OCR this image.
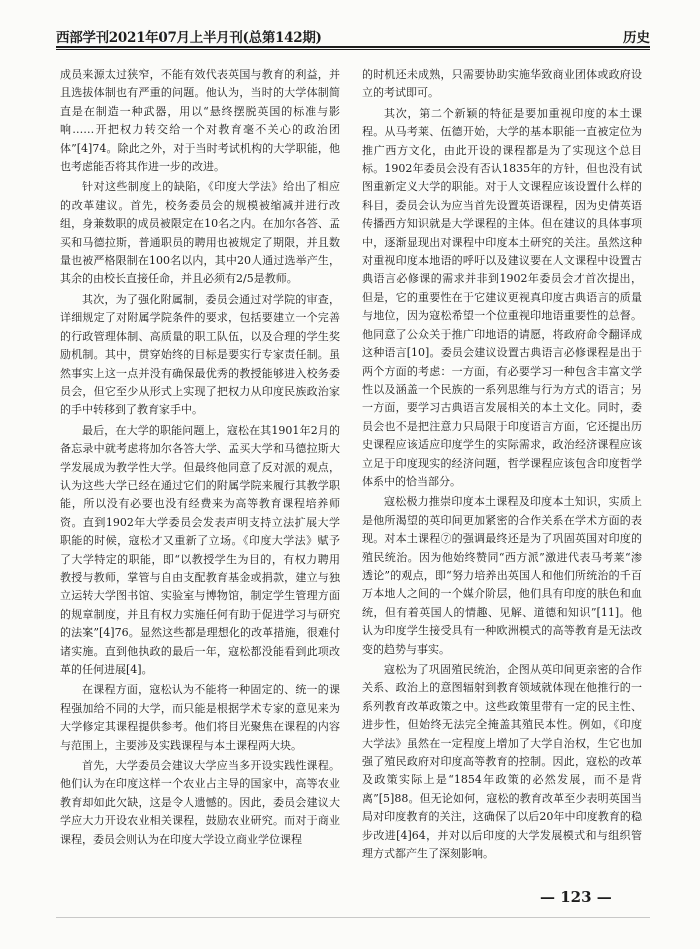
西部学刊2021年07月上半月刊(总第142期)	历史

成员来源太过狭窄，不能有效代表英国与教育的利益，并且选拔体制也有严重的问题。他认为，当时的大学体制简直是在制造一种武器，用以“悬终摆脱英国的标准与影响……开把权力转交给一个对教育毫不关心的政治团体”[4]74。除此之外，对于当时考试机构的大学职能，他也考虑能否将其作进一步的改进。

针对这些制度上的缺陷，《印度大学法》给出了相应的改革建议。首先，校务委员会的规模被缩减并进行改组，身兼数职的成员被限定在10名之内。在加尔各答、孟买和马德拉斯，普通职员的聘用也被规定了期限，并且数量也被严格限制在100名以内，其中20人通过选举产生，其余的由校长直接任命，并且必须有2/5是教师。

其次，为了强化附属制，委员会通过对学院的审查，详细规定了对附属学院条件的要求，包括要建立一个完善的行政管理体制、高质量的职工队伍，以及合理的学生奖励机制。其中，贯穿始终的目标是要实行专家责任制。虽然事实上这一点并没有确保最优秀的教授能够进入校务委员会，但它至少从形式上实现了把权力从印度民族政治家的手中转移到了教育家手中。

最后，在大学的职能问题上，寇松在其1901年2月的备忘录中就考虑将加尔各答大学、孟买大学和马德拉斯大学发展成为教学性大学。但最终他同意了反对派的观点，认为这些大学已经在通过它们的附属学院来履行其教学职能，所以没有必要也没有经费来为高等教育课程培养师资。直到1902年大学委员会发表声明支持立法扩展大学职能的时候，寇松才又重新了立场。《印度大学法》赋予了大学特定的职能，即“以教授学生为目的，有权力聘用教授与教师，掌管与自由支配教育基金或捐款，建立与独立运转大学图书馆、实验室与博物馆，制定学生管理方面的规章制度，并且有权力实施任何有助于促进学习与研究的法案”[4]76。显然这些都是理想化的改革措施，很难付诸实施。直到他执政的最后一年，寇松都没能看到此项改革的任何进展[4]。

在课程方面，寇松认为不能将一种固定的、统一的课程强加给不同的大学，而只能是根据学术专家的意见来为大学修定其课程提供参考。他们将目光聚焦在课程的内容与范围上，主要涉及实践课程与本土课程两大块。

首先，大学委员会建议大学应当多开设实践性课程。他们认为在印度这样一个农业占主导的国家中，高等农业教育却如此欠缺，这是令人遗憾的。因此，委员会建议大学应大力开设农业相关课程，鼓励农业研究。而对于商业课程，委员会则认为在印度大学设立商业学位课程

的时机还未成熟，只需要协助实施华致商业团体或政府设立的考试即可。

其次，第二个新颖的特征是要加重视印度的本土课程。从马考莱、伍德开始，大学的基本职能一直被定位为推广西方文化，由此开设的课程都是为了实现这个总目标。1902年委员会没有否认1835年的方针，但也没有试图重新定义大学的职能。对于人文课程应该设置什么样的科目，委员会认为应当首先设置英语课程，因为史倩英语传播西方知识就是大学课程的主体。但在建议的具体事项中，逐渐显现出对课程中印度本土研究的关注。虽然这种对重视印度本地语的呼吁以及建议要在人文课程中设置古典语言必修课的需求并非到1902年委员会才首次提出，但是，它的重要性在于它建议更视真印度古典语言的质量与地位，因为寇松希望一个位重视印地语重要性的总督。他同意了公众关于推广印地语的请愿，将政府命令翻译成这种语言[10]。委员会建议设置古典语言必修课程是出于两个方面的考虑：一方面，有必要学习一种包含丰富文学性以及涵盖一个民族的一系列思维与行为方式的语言；另一方面，要学习古典语言发展相关的本土文化。同时，委员会也不是把注意力只局限于印度语言方面，它还提出历史课程应该适应印度学生的实际需求，政治经济课程应该立足于印度现实的经济问题，哲学课程应该包含印度哲学体系中的恰当部分。

寇松极力推崇印度本土课程及印度本土知识，实质上是他所渴望的英印间更加紧密的合作关系在学术方面的表现。对本土课程⑦的强调最终还是为了巩固英国对印度的殖民统治。因为他始终赞同“西方派”激进代表马考莱“渗透论”的观点，即“努力培养出英国人和他们所统治的千百万本地人之间的一个媒介阶层，他们具有印度的肤色和血统，但有着英国人的情趣、见解、道德和知识”[11]。他认为印度学生接受具有一种欧洲模式的高等教育是无法改变的趋势与事实。

寇松为了巩固殖民统治，企图从英印间更亲密的合作关系、政治上的意图辐射到教育领域就体现在他推行的一系列教育改革政策之中。这些政策里带有一定的民主性、进步性，但始终无法完全掩盖其殖民本性。例如，《印度大学法》虽然在一定程度上增加了大学自治权，生它也加强了殖民政府对印度高等教育的控制。因此，寇松的改革及政策实际上是“1854年政策的必然发展，而不是背离”[5]88。但无论如何，寇松的教育改革至少表明英国当局对印度教育的关注，这确保了以后20年中印度教育的稳步改进[4]64，并对以后印度的大学发展模式和与组织管理方式都产生了深刻影响。

— 123 —
